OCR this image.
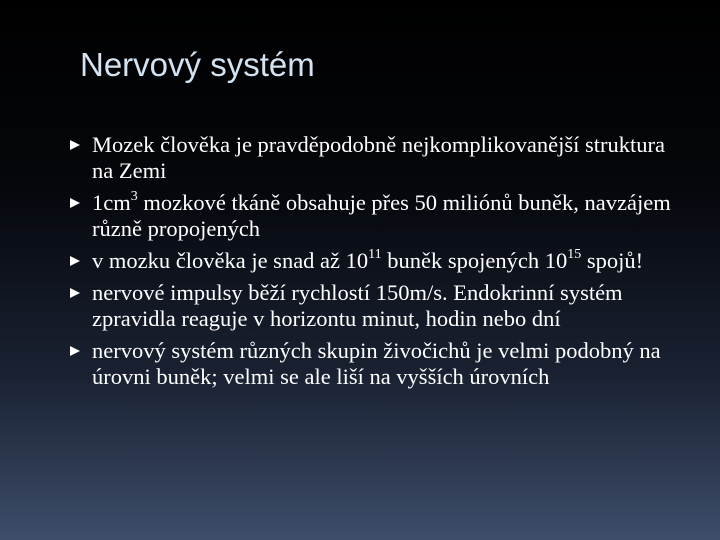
Nervový systém
Mozek člověka je pravděpodobně nejkomplikovanější struktura na Zemi
$1cm^3$ mozkové tkáně obsahuje přes 50 miliónů buněk, navzájem různě propojených
v mozku člověka je snad až $10^{11}$ buněk spojených $10^{15}$ spojů!
nervové impulsy běží rychlostí 150m/s. Endokrinní systém zpravidla reaguje v horizontu minut, hodin nebo dní
nervový systém různých skupin živočichů je velmi podobný na úrovni buněk; velmi se ale liší na vyšších úrovních
